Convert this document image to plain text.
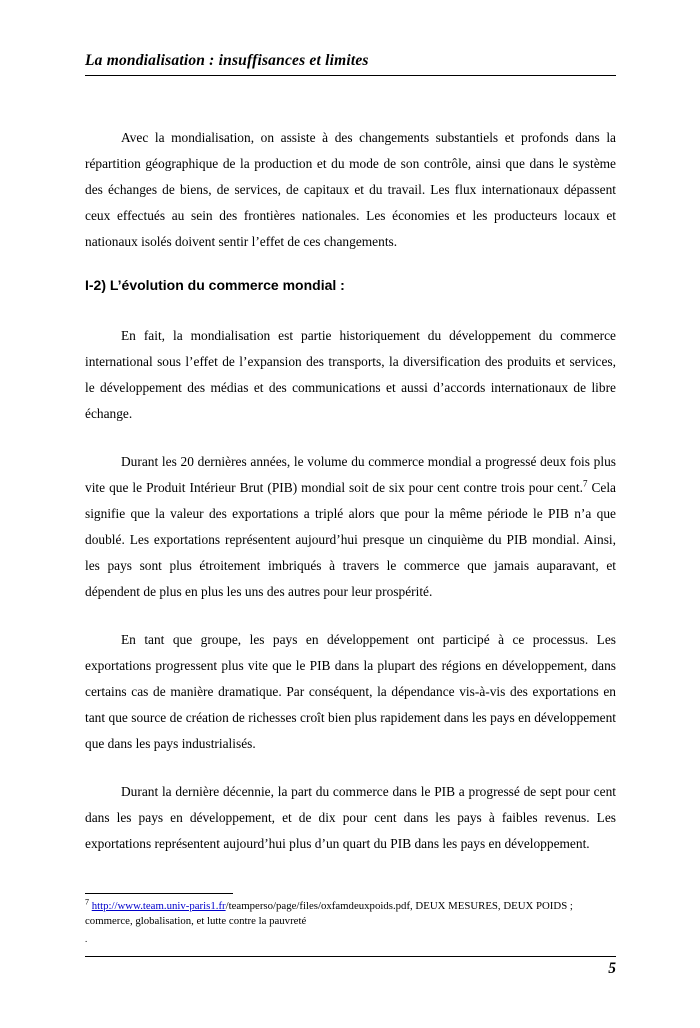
La mondialisation : insuffisances et limites

Avec la mondialisation, on assiste à des changements substantiels et profonds dans la répartition géographique de la production et du mode de son contrôle, ainsi que dans le système des échanges de biens, de services, de capitaux et du travail. Les flux internationaux dépassent ceux effectués au sein des frontières nationales. Les économies et les producteurs locaux et nationaux isolés doivent sentir l’effet de ces changements.

I-2) L’évolution du commerce mondial :

En fait, la mondialisation est partie historiquement du développement du commerce international sous l’effet de l’expansion des transports, la diversification des produits et services, le développement des médias et des communications et aussi d’accords internationaux de libre échange.

Durant les 20 dernières années, le volume du commerce mondial a progressé deux fois plus vite que le Produit Intérieur Brut (PIB) mondial soit de six pour cent contre trois pour cent.$^7$ Cela signifie que la valeur des exportations a triplé alors que pour la même période le PIB n’a que doublé. Les exportations représentent aujourd’hui presque un cinquième du PIB mondial. Ainsi, les pays sont plus étroitement imbriqués à travers le commerce que jamais auparavant, et dépendent de plus en plus les uns des autres pour leur prospérité.

En tant que groupe, les pays en développement ont participé à ce processus. Les exportations progressent plus vite que le PIB dans la plupart des régions en développement, dans certains cas de manière dramatique. Par conséquent, la dépendance vis-à-vis des exportations en tant que source de création de richesses croît bien plus rapidement dans les pays en développement que dans les pays industrialisés.

Durant la dernière décennie, la part du commerce dans le PIB a progressé de sept pour cent dans les pays en développement, et de dix pour cent dans les pays à faibles revenus. Les exportations représentent aujourd’hui plus d’un quart du PIB dans les pays en développement.

$^7$ http://www.team.univ-paris1.fr/teamperso/page/files/oxfamdeuxpoids.pdf, DEUX MESURES, DEUX POIDS ; commerce, globalisation, et lutte contre la pauvreté
.
5
